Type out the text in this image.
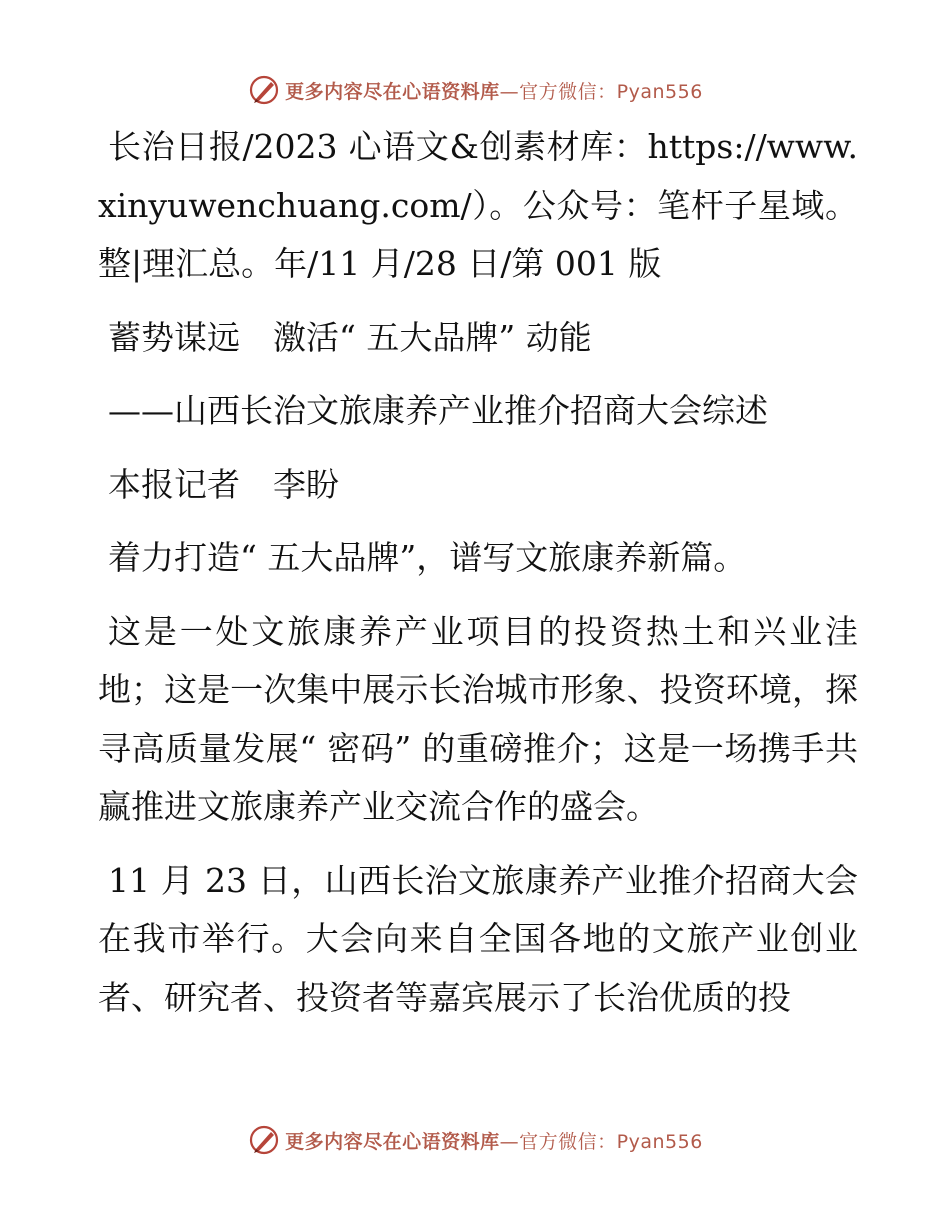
更多内容尽在心语资料库—官方微信：Pyan556

长治日报/2023 心语文&创素材库：https://www.xinyuwenchuang.com/）。公众号：笔杆子星域。整|理汇总。年/11 月/28 日/第 001 版

蓄势谋远　激活“ 五大品牌” 动能

——山西长治文旅康养产业推介招商大会综述

本报记者　李盼

着力打造“ 五大品牌”，谱写文旅康养新篇。

这是一处文旅康养产业项目的投资热土和兴业洼地；这是一次集中展示长治城市形象、投资环境，探寻高质量发展“ 密码” 的重磅推介；这是一场携手共赢推进文旅康养产业交流合作的盛会。

11 月 23 日，山西长治文旅康养产业推介招商大会在我市举行。大会向来自全国各地的文旅产业创业者、研究者、投资者等嘉宾展示了长治优质的投

更多内容尽在心语资料库—官方微信：Pyan556
